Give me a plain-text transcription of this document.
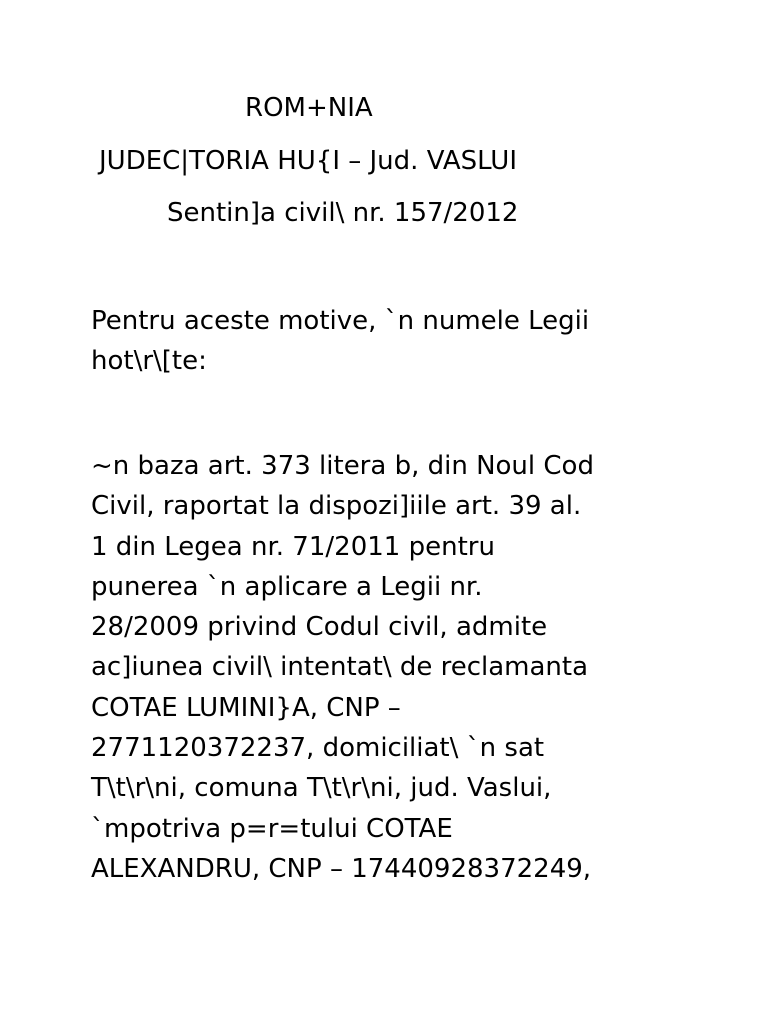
ROM+NIA
JUDEC|TORIA HU{I – Jud. VASLUI
Sentin]a civil\ nr. 157/2012
Pentru aceste motive, `n numele Legii
hot\r\[te:
~n baza art. 373 litera b, din Noul Cod
Civil, raportat la dispozi]iile art. 39 al.
1 din Legea nr. 71/2011 pentru
punerea `n aplicare a Legii nr.
28/2009 privind Codul civil, admite
ac]iunea civil\ intentat\ de reclamanta
COTAE LUMINI}A, CNP –
2771120372237, domiciliat\ `n sat
T\t\r\ni, comuna T\t\r\ni, jud. Vaslui,
`mpotriva p=r=tului COTAE
ALEXANDRU, CNP – 17440928372249,
